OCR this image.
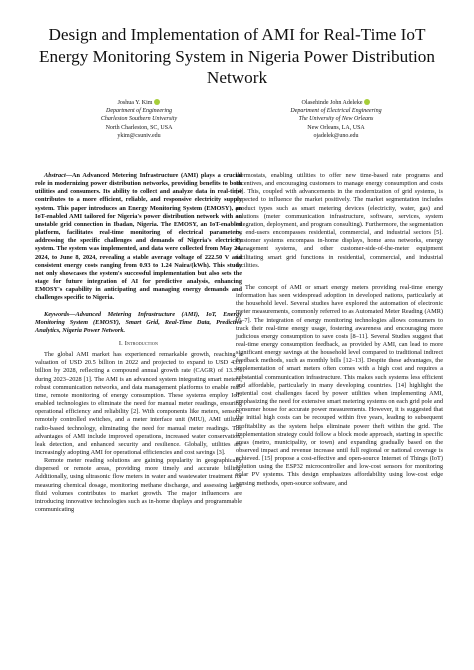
Design and Implementation of AMI for Real-Time IoT Energy Monitoring System in Nigeria Power Distribution Network
Joshua Y. Kim
Department of Engineering
Charleston Southern University
North Charleston, SC, USA
ykim@csuniv.edu
Olasehinde John Adeleke
Department of Electrical Engineering
The University of New Orleans
New Orleans, LA, USA
ojadelek@uno.edu

Abstract—An Advanced Metering Infrastructure (AMI) plays a crucial role in modernizing power distribution networks, providing benefits to both utilities and consumers. Its ability to collect and analyze data in real-time contributes to a more efficient, reliable, and responsive electricity supply system. This paper introduces an Energy Monitoring System (EMOSY), an IoT-enabled AMI tailored for Nigeria's power distribution network with an unstable grid connection in Ibadan, Nigeria. The EMOSY, an IoT-enabled platform, facilitates real-time monitoring of electrical parameters, addressing the specific challenges and demands of Nigeria's electricity system. The system was implemented, and data were collected from May 24, 2024, to June 8, 2024, revealing a stable average voltage of 222.50 V and consistent energy costs ranging from 0.93 to 1.24 Naira/(kWh). This study not only showcases the system's successful implementation but also sets the stage for future integration of AI for predictive analysis, enhancing EMOSY's capability in anticipating and managing energy demands and challenges specific to Nigeria.

Keywords—Advanced Metering Infrastructure (AMI), IoT, Energy Monitoring System (EMOSY), Smart Grid, Real-Time Data, Predictive Analytics, Nigeria Power Network.

I. Introduction

The global AMI market has experienced remarkable growth, reaching a valuation of USD 20.5 billion in 2022 and projected to expand to USD 43.0 billion by 2028, reflecting a compound annual growth rate (CAGR) of 13.3% during 2023–2028 [1]. The AMI is an advanced system integrating smart meters, robust communication networks, and data management platforms to enable real-time, remote monitoring of energy consumption. These systems employ IoT-enabled technologies to eliminate the need for manual meter readings, ensuring operational efficiency and reliability [2]. With components like meters, sensors, remotely controlled switches, and a meter interface unit (MIU), AMI utilizes radio-based technology, eliminating the need for manual meter readings. The advantages of AMI include improved operations, increased water conservation, leak detection, and enhanced security and resilience. Globally, utilities are increasingly adopting AMI for operational efficiencies and cost savings [3].

Remote meter reading solutions are gaining popularity in geographically dispersed or remote areas, providing more timely and accurate billing. Additionally, using ultrasonic flow meters in water and wastewater treatment for measuring chemical dosage, monitoring methane discharge, and assessing large fluid volumes contributes to market growth. The major influencers are introducing innovative technologies such as in-home displays and programmable communicating

thermostats, enabling utilities to offer new time-based rate programs and incentives, and encouraging customers to manage energy consumption and costs [4]. This, coupled with advancements in the modernization of grid systems, is expected to influence the market positively. The market segmentation includes product types such as smart metering devices (electricity, water, gas) and solutions (meter communication infrastructure, software, services, system integration, deployment, and program consulting). Furthermore, the segmentation by end-users encompasses residential, commercial, and industrial sectors [5]. Customer systems encompass in-home displays, home area networks, energy management systems, and other customer-side-of-the-meter equipment facilitating smart grid functions in residential, commercial, and industrial facilities.

The concept of AMI or smart energy meters providing real-time energy information has seen widespread adoption in developed nations, particularly at the household level. Several studies have explored the automation of electronic meter measurements, commonly referred to as Automated Meter Reading (AMR) [6–7]. The integration of energy monitoring technologies allows consumers to track their real-time energy usage, fostering awareness and encouraging more judicious energy consumption to save costs [8–11]. Several Studies suggest that real-time energy consumption feedback, as provided by AMI, can lead to more significant energy savings at the household level compared to traditional indirect feedback methods, such as monthly bills [12–13]. Despite these advantages, the implementation of smart meters often comes with a high cost and requires a substantial communication infrastructure. This makes such systems less efficient and affordable, particularly in many developing countries. [14] highlight the potential cost challenges faced by power utilities when implementing AMI, emphasizing the need for extensive smart metering systems on each grid pole and consumer house for accurate power measurements. However, it is suggested that the initial high costs can be recouped within five years, leading to subsequent profitability as the system helps eliminate power theft within the grid. The implementation strategy could follow a block mode approach, starting in specific areas (metro, municipality, or town) and expanding gradually based on the observed impact and revenue increase until full regional or national coverage is achieved. [15] propose a cost-effective and open-source Internet of Things (IoT) solution using the ESP32 microcontroller and low-cost sensors for monitoring solar PV systems. This design emphasizes affordability using low-cost edge sensing methods, open-source software, and
